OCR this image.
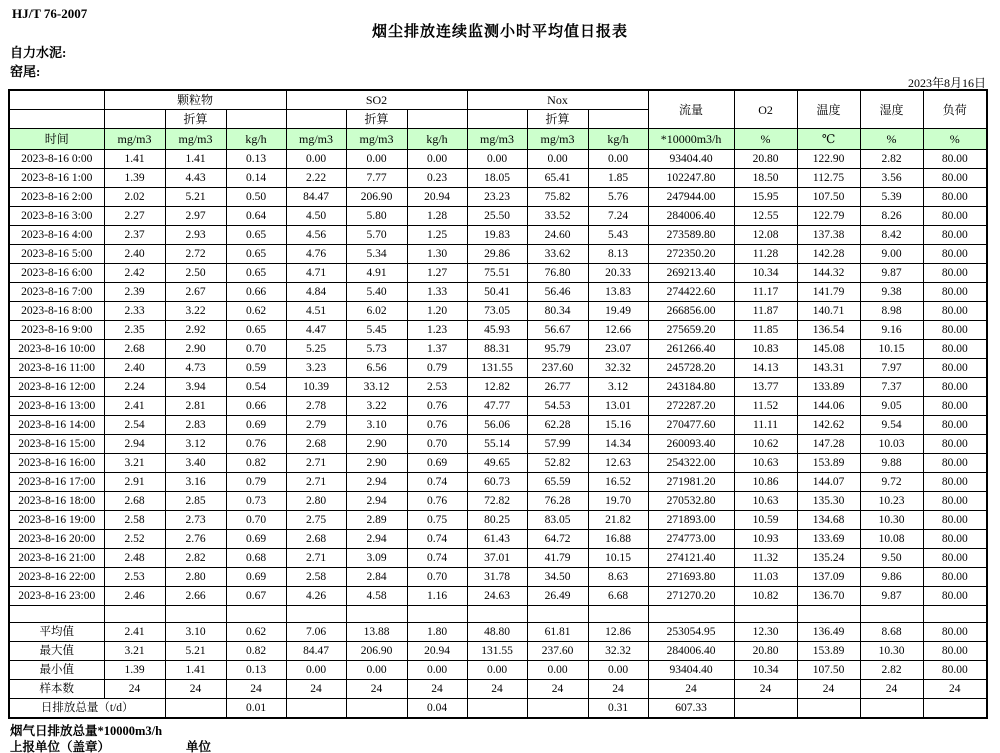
HJ/T 76-2007
烟尘排放连续监测小时平均值日报表
自力水泥:
窑尾:
2023年8月16日
	颗粒物			SO2			Nox			流量	O2	温度	湿度	负荷
		折算			折算			折算						
时间	mg/m3	mg/m3	kg/h	mg/m3	mg/m3	kg/h	mg/m3	mg/m3	kg/h	*10000m3/h	%	℃	%	%
2023-8-16 0:00	1.41	1.41	0.13	0.00	0.00	0.00	0.00	0.00	0.00	93404.40	20.80	122.90	2.82	80.00
2023-8-16 1:00	1.39	4.43	0.14	2.22	7.77	0.23	18.05	65.41	1.85	102247.80	18.50	112.75	3.56	80.00
2023-8-16 2:00	2.02	5.21	0.50	84.47	206.90	20.94	23.23	75.82	5.76	247944.00	15.95	107.50	5.39	80.00
2023-8-16 3:00	2.27	2.97	0.64	4.50	5.80	1.28	25.50	33.52	7.24	284006.40	12.55	122.79	8.26	80.00
2023-8-16 4:00	2.37	2.93	0.65	4.56	5.70	1.25	19.83	24.60	5.43	273589.80	12.08	137.38	8.42	80.00
2023-8-16 5:00	2.40	2.72	0.65	4.76	5.34	1.30	29.86	33.62	8.13	272350.20	11.28	142.28	9.00	80.00
2023-8-16 6:00	2.42	2.50	0.65	4.71	4.91	1.27	75.51	76.80	20.33	269213.40	10.34	144.32	9.87	80.00
2023-8-16 7:00	2.39	2.67	0.66	4.84	5.40	1.33	50.41	56.46	13.83	274422.60	11.17	141.79	9.38	80.00
2023-8-16 8:00	2.33	3.22	0.62	4.51	6.02	1.20	73.05	80.34	19.49	266856.00	11.87	140.71	8.98	80.00
2023-8-16 9:00	2.35	2.92	0.65	4.47	5.45	1.23	45.93	56.67	12.66	275659.20	11.85	136.54	9.16	80.00
2023-8-16 10:00	2.68	2.90	0.70	5.25	5.73	1.37	88.31	95.79	23.07	261266.40	10.83	145.08	10.15	80.00
2023-8-16 11:00	2.40	4.73	0.59	3.23	6.56	0.79	131.55	237.60	32.32	245728.20	14.13	143.31	7.97	80.00
2023-8-16 12:00	2.24	3.94	0.54	10.39	33.12	2.53	12.82	26.77	3.12	243184.80	13.77	133.89	7.37	80.00
2023-8-16 13:00	2.41	2.81	0.66	2.78	3.22	0.76	47.77	54.53	13.01	272287.20	11.52	144.06	9.05	80.00
2023-8-16 14:00	2.54	2.83	0.69	2.79	3.10	0.76	56.06	62.28	15.16	270477.60	11.11	142.62	9.54	80.00
2023-8-16 15:00	2.94	3.12	0.76	2.68	2.90	0.70	55.14	57.99	14.34	260093.40	10.62	147.28	10.03	80.00
2023-8-16 16:00	3.21	3.40	0.82	2.71	2.90	0.69	49.65	52.82	12.63	254322.00	10.63	153.89	9.88	80.00
2023-8-16 17:00	2.91	3.16	0.79	2.71	2.94	0.74	60.73	65.59	16.52	271981.20	10.86	144.07	9.72	80.00
2023-8-16 18:00	2.68	2.85	0.73	2.80	2.94	0.76	72.82	76.28	19.70	270532.80	10.63	135.30	10.23	80.00
2023-8-16 19:00	2.58	2.73	0.70	2.75	2.89	0.75	80.25	83.05	21.82	271893.00	10.59	134.68	10.30	80.00
2023-8-16 20:00	2.52	2.76	0.69	2.68	2.94	0.74	61.43	64.72	16.88	274773.00	10.93	133.69	10.08	80.00
2023-8-16 21:00	2.48	2.82	0.68	2.71	3.09	0.74	37.01	41.79	10.15	274121.40	11.32	135.24	9.50	80.00
2023-8-16 22:00	2.53	2.80	0.69	2.58	2.84	0.70	31.78	34.50	8.63	271693.80	11.03	137.09	9.86	80.00
2023-8-16 23:00	2.46	2.66	0.67	4.26	4.58	1.16	24.63	26.49	6.68	271270.20	10.82	136.70	9.87	80.00

平均值	2.41	3.10	0.62	7.06	13.88	1.80	48.80	61.81	12.86	253054.95	12.30	136.49	8.68	80.00
最大值	3.21	5.21	0.82	84.47	206.90	20.94	131.55	237.60	32.32	284006.40	20.80	153.89	10.30	80.00
最小值	1.39	1.41	0.13	0.00	0.00	0.00	0.00	0.00	0.00	93404.40	10.34	107.50	2.82	80.00
样本数	24	24	24	24	24	24	24	24	24	24	24	24	24	24
日排放总量（t/d）			0.01			0.04			0.31	607.33				
烟气日排放总量*10000m3/h
上报单位（盖章）	单位
